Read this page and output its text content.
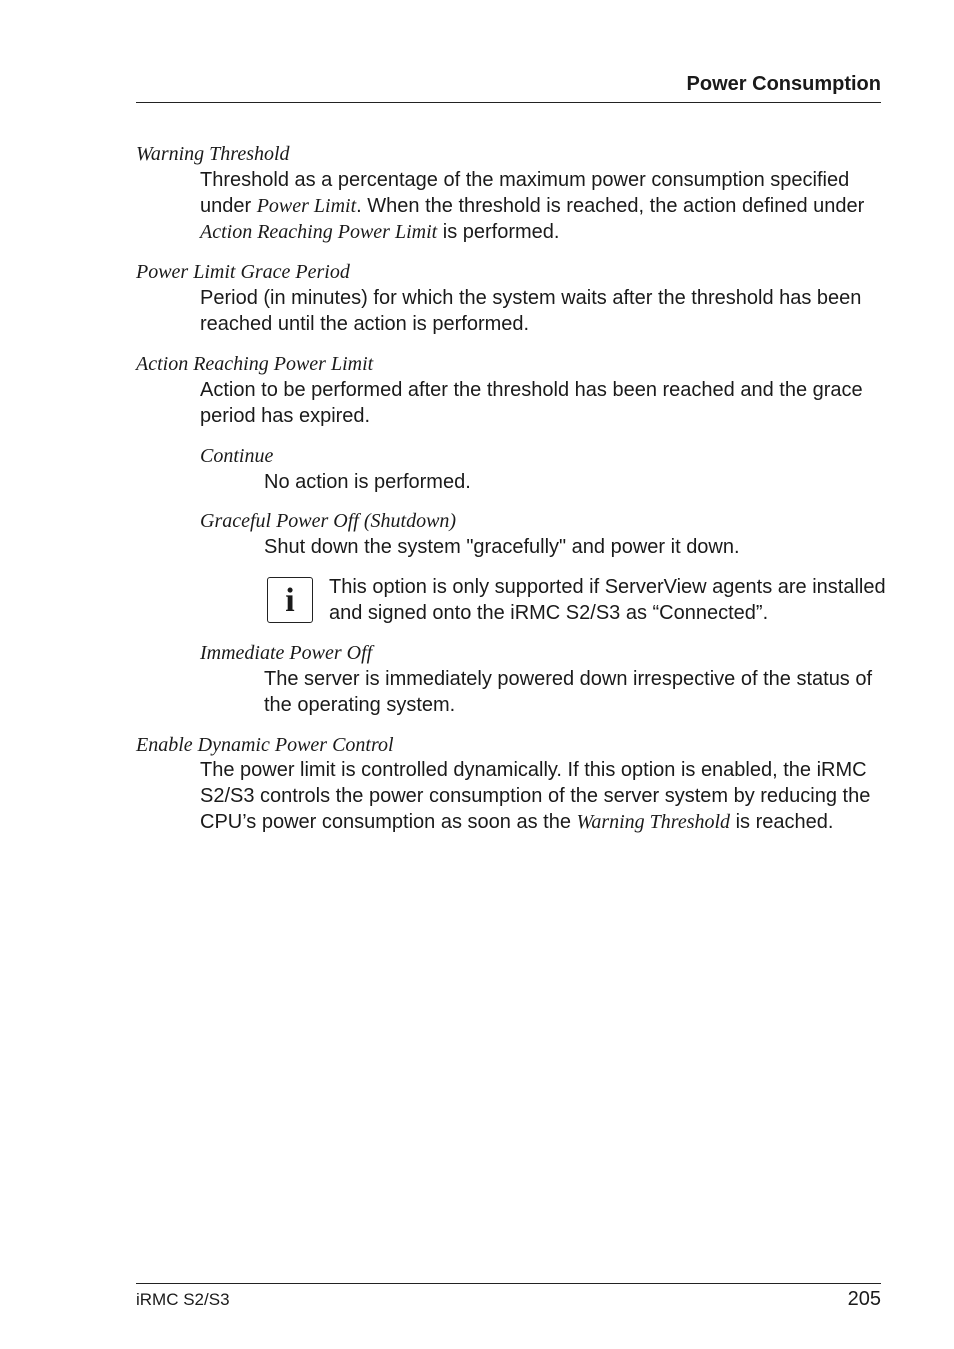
Power Consumption
Warning Threshold
Threshold as a percentage of the maximum power consumption specified under Power Limit. When the threshold is reached, the action defined under Action Reaching Power Limit is performed.
Power Limit Grace Period
Period (in minutes) for which the system waits after the threshold has been reached until the action is performed.
Action Reaching Power Limit
Action to be performed after the threshold has been reached and the grace period has expired.
Continue
No action is performed.
Graceful Power Off (Shutdown)
Shut down the system "gracefully" and power it down.
i	This option is only supported if ServerView agents are installed and signed onto the iRMC S2/S3 as “Connected”.
Immediate Power Off
The server is immediately powered down irrespective of the status of the operating system.
Enable Dynamic Power Control
The power limit is controlled dynamically. If this option is enabled, the iRMC S2/S3 controls the power consumption of the server system by reducing the CPU’s power consumption as soon as the Warning Threshold is reached.
iRMC S2/S3	205
